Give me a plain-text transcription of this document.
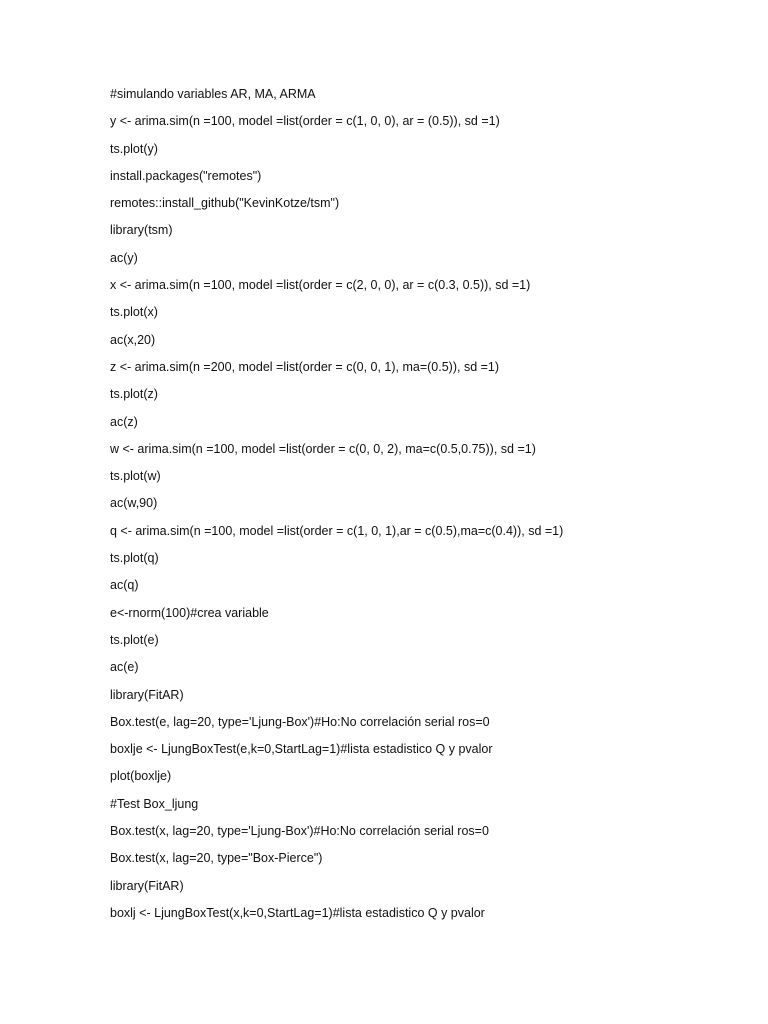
#simulando variables AR, MA, ARMA
y <- arima.sim(n =100, model =list(order = c(1, 0, 0), ar = (0.5)), sd =1)
ts.plot(y)
install.packages("remotes")
remotes::install_github("KevinKotze/tsm")
library(tsm)
ac(y)
x <- arima.sim(n =100, model =list(order = c(2, 0, 0), ar = c(0.3, 0.5)), sd =1)
ts.plot(x)
ac(x,20)
z <- arima.sim(n =200, model =list(order = c(0, 0, 1), ma=(0.5)), sd =1)
ts.plot(z)
ac(z)
w <- arima.sim(n =100, model =list(order = c(0, 0, 2), ma=c(0.5,0.75)), sd =1)
ts.plot(w)
ac(w,90)
q <- arima.sim(n =100, model =list(order = c(1, 0, 1),ar = c(0.5),ma=c(0.4)), sd =1)
ts.plot(q)
ac(q)
e<-rnorm(100)#crea variable
ts.plot(e)
ac(e)
library(FitAR)
Box.test(e, lag=20, type='Ljung-Box')#Ho:No correlación serial ros=0
boxlje <- LjungBoxTest(e,k=0,StartLag=1)#lista estadistico Q y pvalor
plot(boxlje)
#Test Box_ljung
Box.test(x, lag=20, type='Ljung-Box')#Ho:No correlación serial ros=0
Box.test(x, lag=20, type="Box-Pierce")
library(FitAR)
boxlj <- LjungBoxTest(x,k=0,StartLag=1)#lista estadistico Q y pvalor
